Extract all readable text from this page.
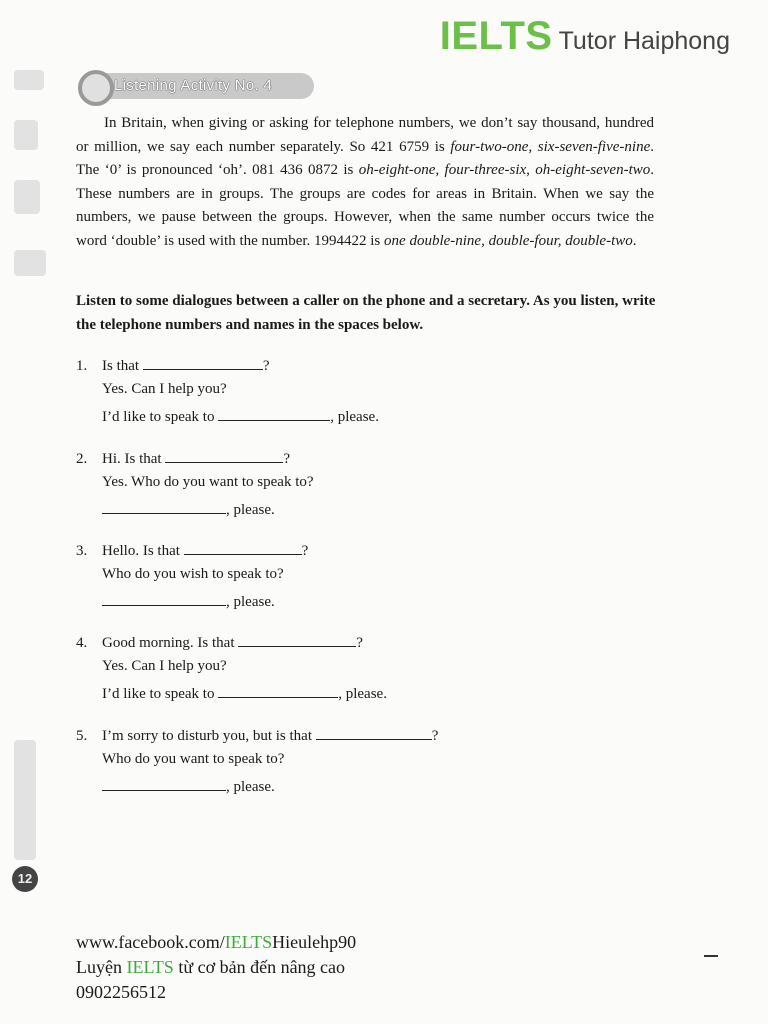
IELTS Tutor Haiphong
Listening Activity No. 4
In Britain, when giving or asking for telephone numbers, we don’t say thousand, hundred or million, we say each number separately. So 421 6759 is four-two-one, six-seven-five-nine. The ‘0’ is pronounced ‘oh’. 081 436 0872 is oh-eight-one, four-three-six, oh-eight-seven-two. These numbers are in groups. The groups are codes for areas in Britain. When we say the numbers, we pause between the groups. However, when the same number occurs twice the word ‘double’ is used with the number. 1994422 is one double-nine, double-four, double-two.
Listen to some dialogues between a caller on the phone and a secretary. As you listen, write the telephone numbers and names in the spaces below.
1. Is that	?
Yes. Can I help you?
I’d like to speak to	, please.
2. Hi. Is that	?
Yes. Who do you want to speak to?
, please.
3. Hello. Is that	?
Who do you wish to speak to?
, please.
4. Good morning. Is that	?
Yes. Can I help you?
I’d like to speak to	, please.
5. I’m sorry to disturb you, but is that	?
Who do you want to speak to?
, please.
12
www.facebook.com/IELTSHieulehp90
Luyện IELTS từ cơ bản đến nâng cao
0902256512
